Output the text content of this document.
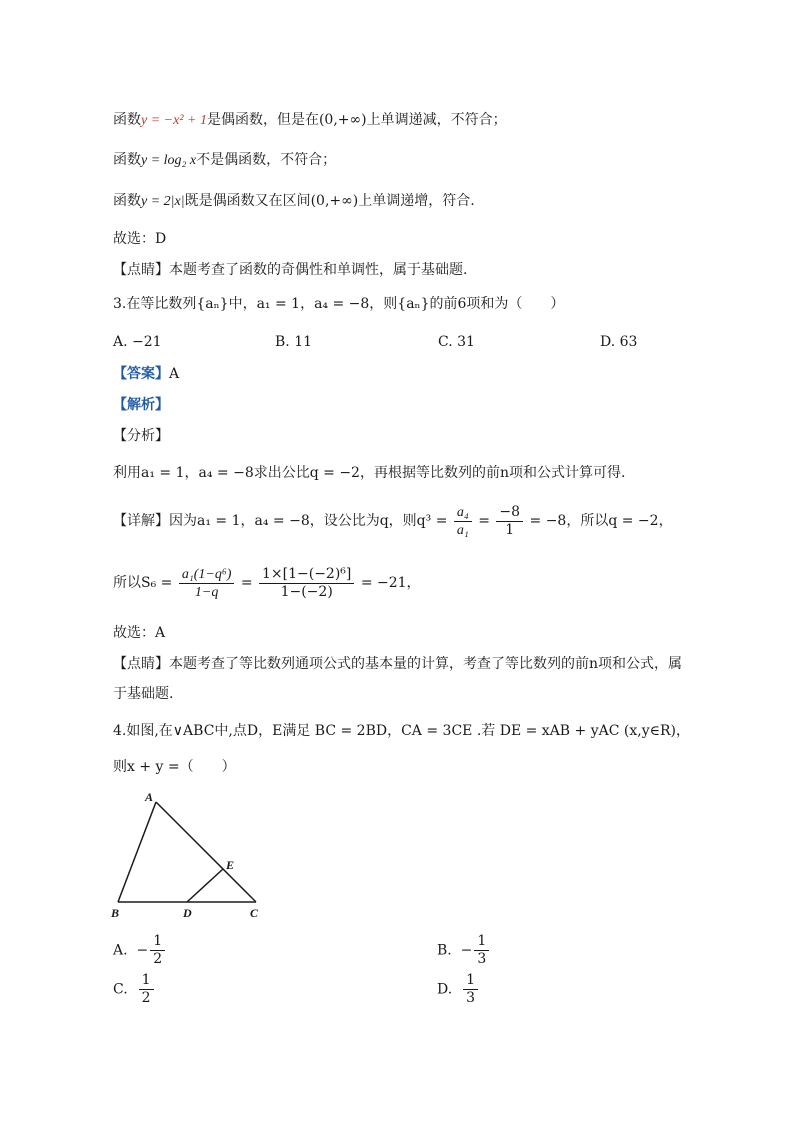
函数y = −x² + 1是偶函数，但是在(0,+∞)上单调递减，不符合；
函数y = log₂ x不是偶函数，不符合；
函数y = 2|x|既是偶函数又在区间(0,+∞)上单调递增，符合.
故选：D
【点睛】本题考查了函数的奇偶性和单调性，属于基础题.
3.在等比数列{aₙ}中，a₁ = 1，a₄ = −8，则{aₙ}的前6项和为（　　）
A. −21	B. 11	C. 31	D. 63
【答案】A
【解析】
【分析】
利用a₁ = 1，a₄ = −8求出公比q = −2，再根据等比数列的前n项和公式计算可得.
【详解】因为a₁ = 1，a₄ = −8，设公比为q，则$q^3 = \frac{\text{a₄}}{\text{a₁}} = \frac{-8}{1} = -8$，所以q = −2，
所以$S_6 = \frac{\text{a₁(1−q⁶)}}{1-q} = \frac{\text{1×[1−(−2)⁶]}}{1-(-2)} = -21$，
故选：A
【点睛】本题考查了等比数列通项公式的基本量的计算，考查了等比数列的前n项和公式，属
于基础题.
4.如图,在∨ABC中,点D，E满足 BC = 2BD，CA = 3CE .若 DE = xAB + yAC (x,y∈R)，
则x + y =（　　）
A
B	C
D
E
A. − $\frac{1}{2}$	B. − $\frac{1}{3}$
C. $\frac{1}{2}$	D. $\frac{1}{3}$
